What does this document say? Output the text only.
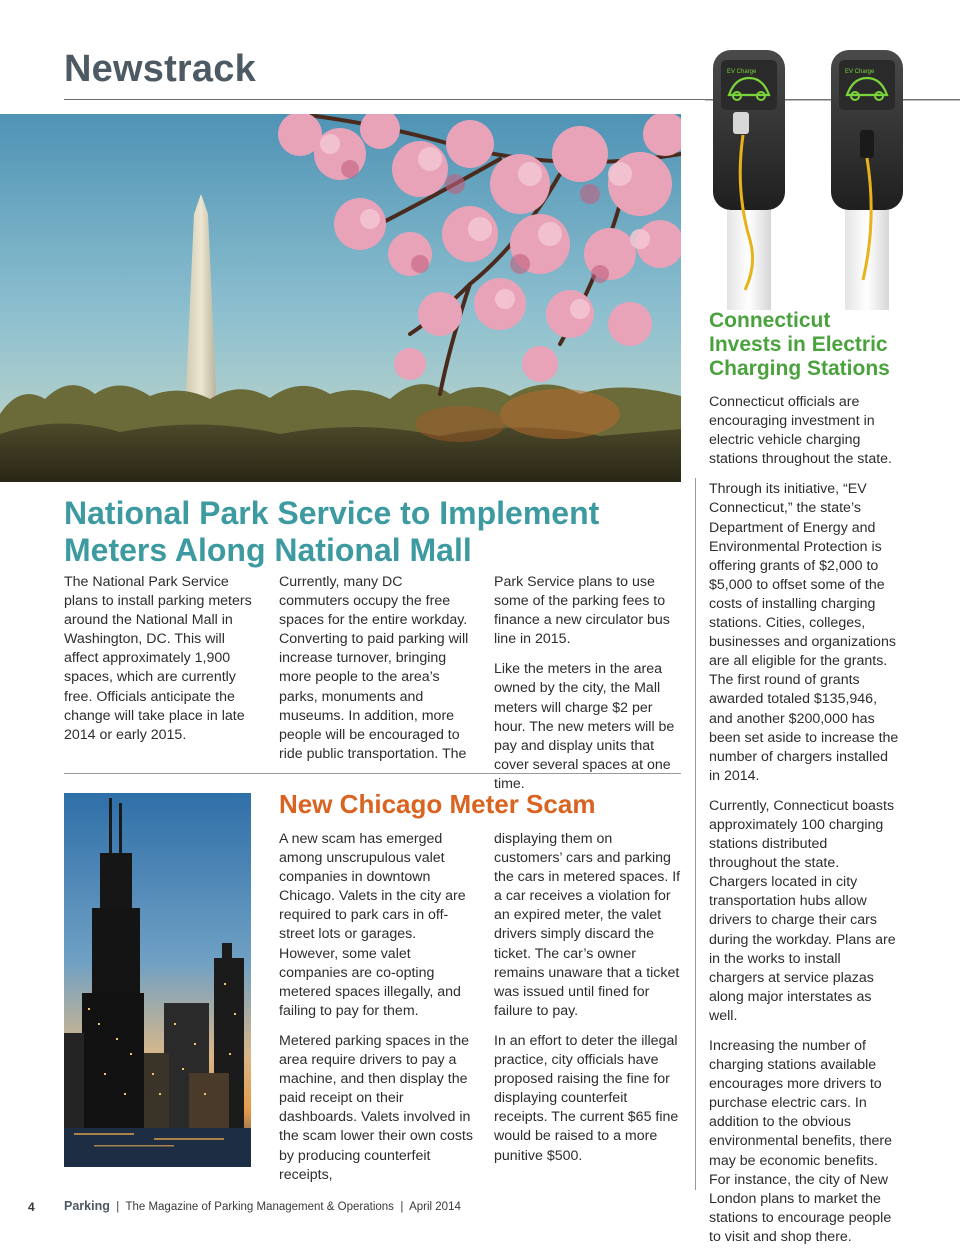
Newstrack	EV Charge	EV Charge
Connecticut
Invests in Electric
Charging Stations

Connecticut officials are encouraging investment in electric vehicle charging stations throughout the state.

Through its initiative, “EV Connecticut,” the state’s Department of Energy and Environmental Protection is offering grants of $2,000 to $5,000 to offset some of the costs of installing charging stations. Cities, colleges, businesses and organizations are all eligible for the grants. The first round of grants awarded totaled $135,946, and another $200,000 has been set aside to increase the number of chargers installed in 2014.

Currently, Connecticut boasts approximately 100 charging stations distributed throughout the state. Chargers located in city transportation hubs allow drivers to charge their cars during the workday. Plans are in the works to install chargers at service plazas along major interstates as well.

Increasing the number of charging stations available encourages more drivers to purchase electric cars. In addition to the obvious environmental benefits, there may be economic benefits. For instance, the city of New London plans to market the stations to encourage people to visit and shop there.

National Park Service to Implement
Meters Along National Mall

The National Park Service plans to install parking meters around the National Mall in Washington, DC. This will affect approximately 1,900 spaces, which are currently free. Officials anticipate the change will take place in late 2014 or early 2015.

Currently, many DC commuters occupy the free spaces for the entire workday. Converting to paid parking will increase turnover, bringing more people to the area’s parks, monuments and museums. In addition, more people will be encouraged to ride public transportation. The

Park Service plans to use some of the parking fees to finance a new circulator bus line in 2015.

Like the meters in the area owned by the city, the Mall meters will charge $2 per hour. The new meters will be pay and display units that cover several spaces at one time.

New Chicago Meter Scam

A new scam has emerged among unscrupulous valet companies in downtown Chicago. Valets in the city are required to park cars in off-street lots or garages. However, some valet companies are co-opting metered spaces illegally, and failing to pay for them.

Metered parking spaces in the area require drivers to pay a machine, and then display the paid receipt on their dashboards. Valets involved in the scam lower their own costs by producing counterfeit receipts,

displaying them on customers’ cars and parking the cars in metered spaces. If a car receives a violation for an expired meter, the valet drivers simply discard the ticket. The car’s owner remains unaware that a ticket was issued until fined for failure to pay.

In an effort to deter the illegal practice, city officials have proposed raising the fine for displaying counterfeit receipts. The current $65 fine would be raised to a more punitive $500.

4 Parking | The Magazine of Parking Management & Operations | April 2014
